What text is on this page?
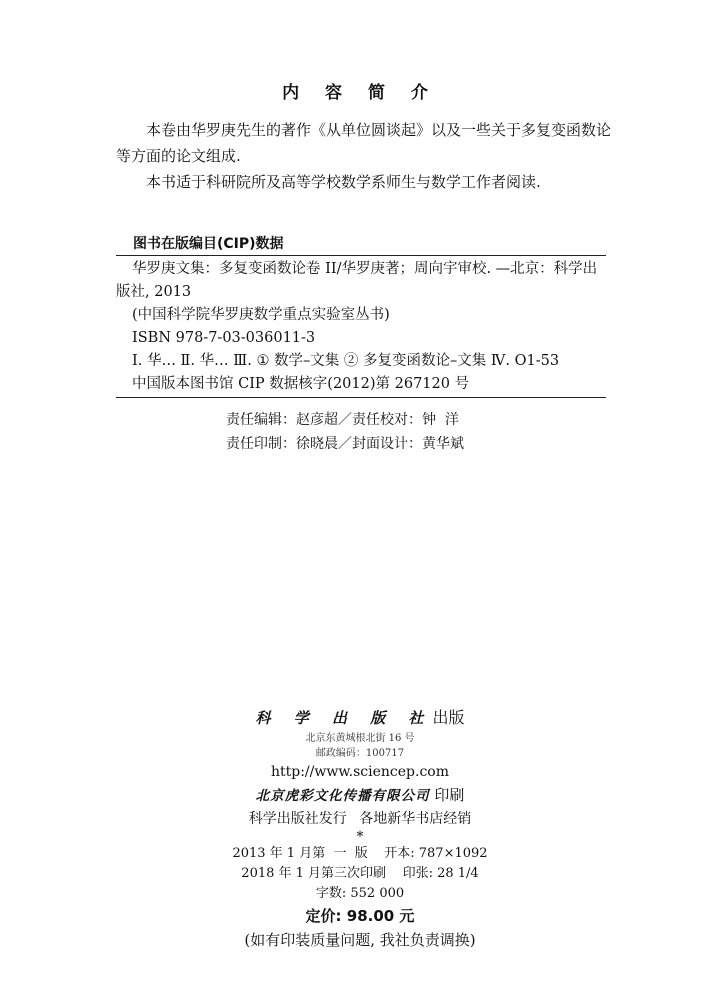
内 容 简 介

本卷由华罗庚先生的著作《从单位圆谈起》以及一些关于多复变函数论等方面的论文组成.

本书适于科研院所及高等学校数学系师生与数学工作者阅读.

图书在版编目(CIP)数据
华罗庚文集：多复变函数论卷 II/华罗庚著；周向宇审校. —北京：科学出版社, 2013
(中国科学院华罗庚数学重点实验室丛书)
ISBN 978-7-03-036011-3
Ⅰ. 华… Ⅱ. 华… Ⅲ. ① 数学–文集 ② 多复变函数论–文集 Ⅳ. O1-53
中国版本图书馆 CIP 数据核字(2012)第 267120 号
责任编辑：赵彦超／责任校对：钟  洋
责任印制：徐晓晨／封面设计：黄华斌
科 学 出 版 社出版
北京东黄城根北街 16 号
邮政编码：100717
http://www.sciencep.com
北京虎彩文化传播有限公司 印刷
科学出版社发行 各地新华书店经销
*
2013 年 1 月第  一  版    开本: 787×1092
2018 年 1 月第三次印刷    印张: 28 1/4
字数: 552 000
定价: 98.00 元
(如有印装质量问题, 我社负责调换)
